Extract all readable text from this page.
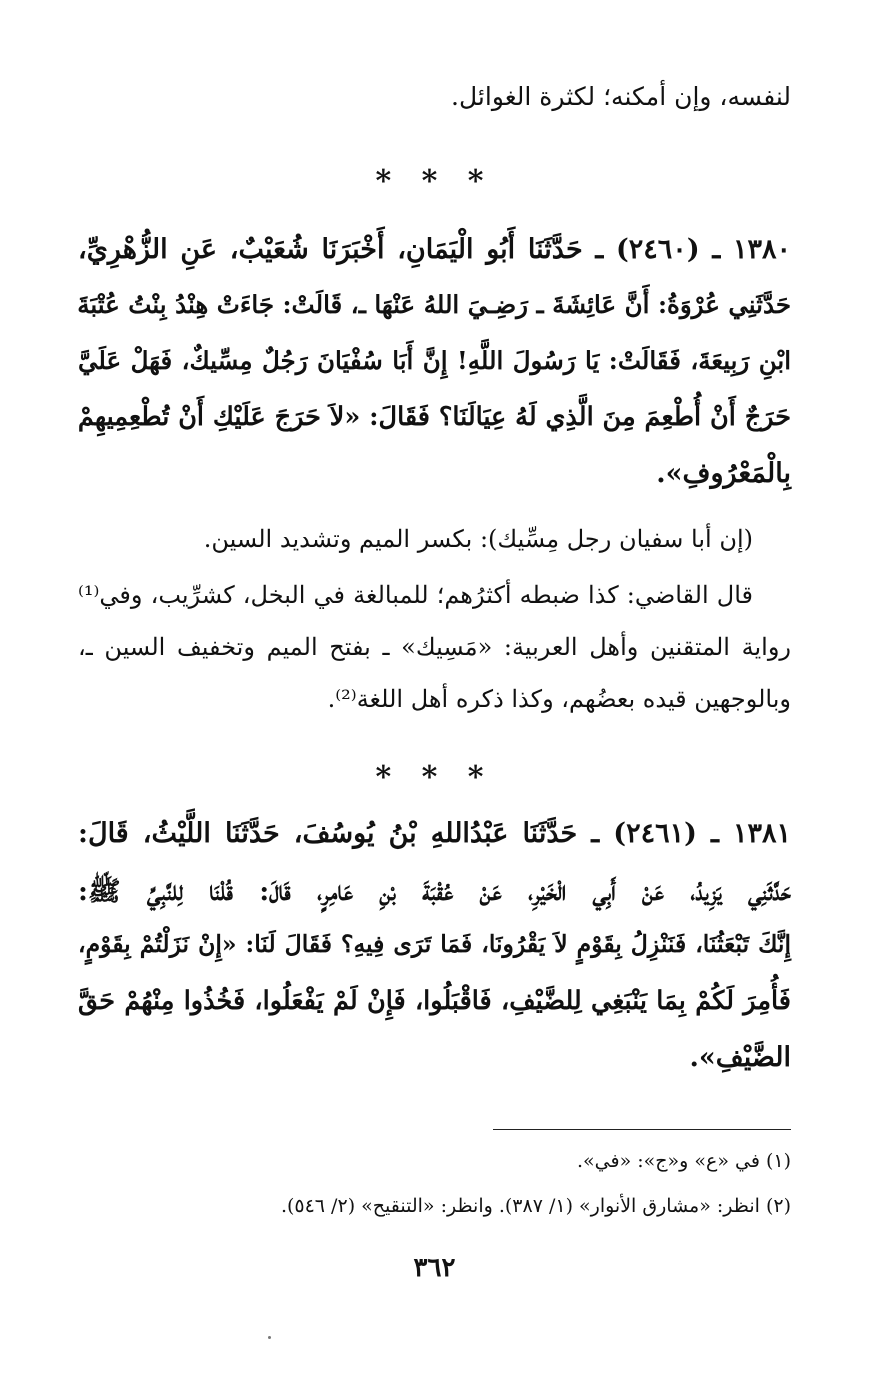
لنفسه، وإن أمكنه؛ لكثرة الغوائل.
* * *
١٣٨٠ ـ (٢٤٦٠) ـ حَدَّثَنَا أَبُو الْيَمَانِ، أَخْبَرَنَا شُعَيْبٌ، عَنِ الزُّهْرِيِّ،
حَدَّثَنِي عُرْوَةُ: أَنَّ عَائِشَةَ ـ رَضِـيَ اللهُ عَنْهَا ـ، قَالَتْ: جَاءَتْ هِنْدُ بِنْتُ عُتْبَةَ
ابْنِ رَبِيعَةَ، فَقَالَتْ: يَا رَسُولَ اللَّهِ! إِنَّ أَبَا سُفْيَانَ رَجُلٌ مِسِّيكٌ، فَهَلْ عَلَيَّ
حَرَجٌ أَنْ أُطْعِمَ مِنَ الَّذِي لَهُ عِيَالَنَا؟ فَقَالَ: «لاَ حَرَجَ عَلَيْكِ أَنْ تُطْعِمِيهِمْ
بِالْمَعْرُوفِ».
(إن أبا سفيان رجل مِسِّيك): بكسر الميم وتشديد السين.
قال القاضي: كذا ضبطه أكثرُهم؛ للمبالغة في البخل، كشرِّيب، وفي⁽¹⁾
رواية المتقنين وأهل العربية: «مَسِيك» ـ بفتح الميم وتخفيف السين ـ،
وبالوجهين قيده بعضُهم، وكذا ذكره أهل اللغة⁽²⁾.
* * *
١٣٨١ ـ (٢٤٦١) ـ حَدَّثَنَا عَبْدُاللهِ بْنُ يُوسُفَ، حَدَّثَنَا اللَّيْثُ، قَالَ:
حَدَّثَنِي يَزِيدُ، عَنْ أَبِي الْخَيْرِ، عَنْ عُقْبَةَ بْنِ عَامِرٍ، قَالَ: قُلْنَا لِلنَّبِيِّ ﷺ:
إِنَّكَ تَبْعَثُنَا، فَنَنْزِلُ بِقَوْمٍ لاَ يَقْرُونَا، فَمَا تَرَى فِيهِ؟ فَقَالَ لَنَا: «إِنْ نَزَلْتُمْ بِقَوْمٍ،
فَأُمِرَ لَكُمْ بِمَا يَنْبَغِي لِلضَّيْفِ، فَاقْبَلُوا، فَإِنْ لَمْ يَفْعَلُوا، فَخُذُوا مِنْهُمْ حَقَّ
الضَّيْفِ».
(١) في «ع» و«ج»: «في».
(٢) انظر: «مشارق الأنوار» (١/ ٣٨٧). وانظر: «التنقيح» (٢/ ٥٤٦).
٣٦٢
